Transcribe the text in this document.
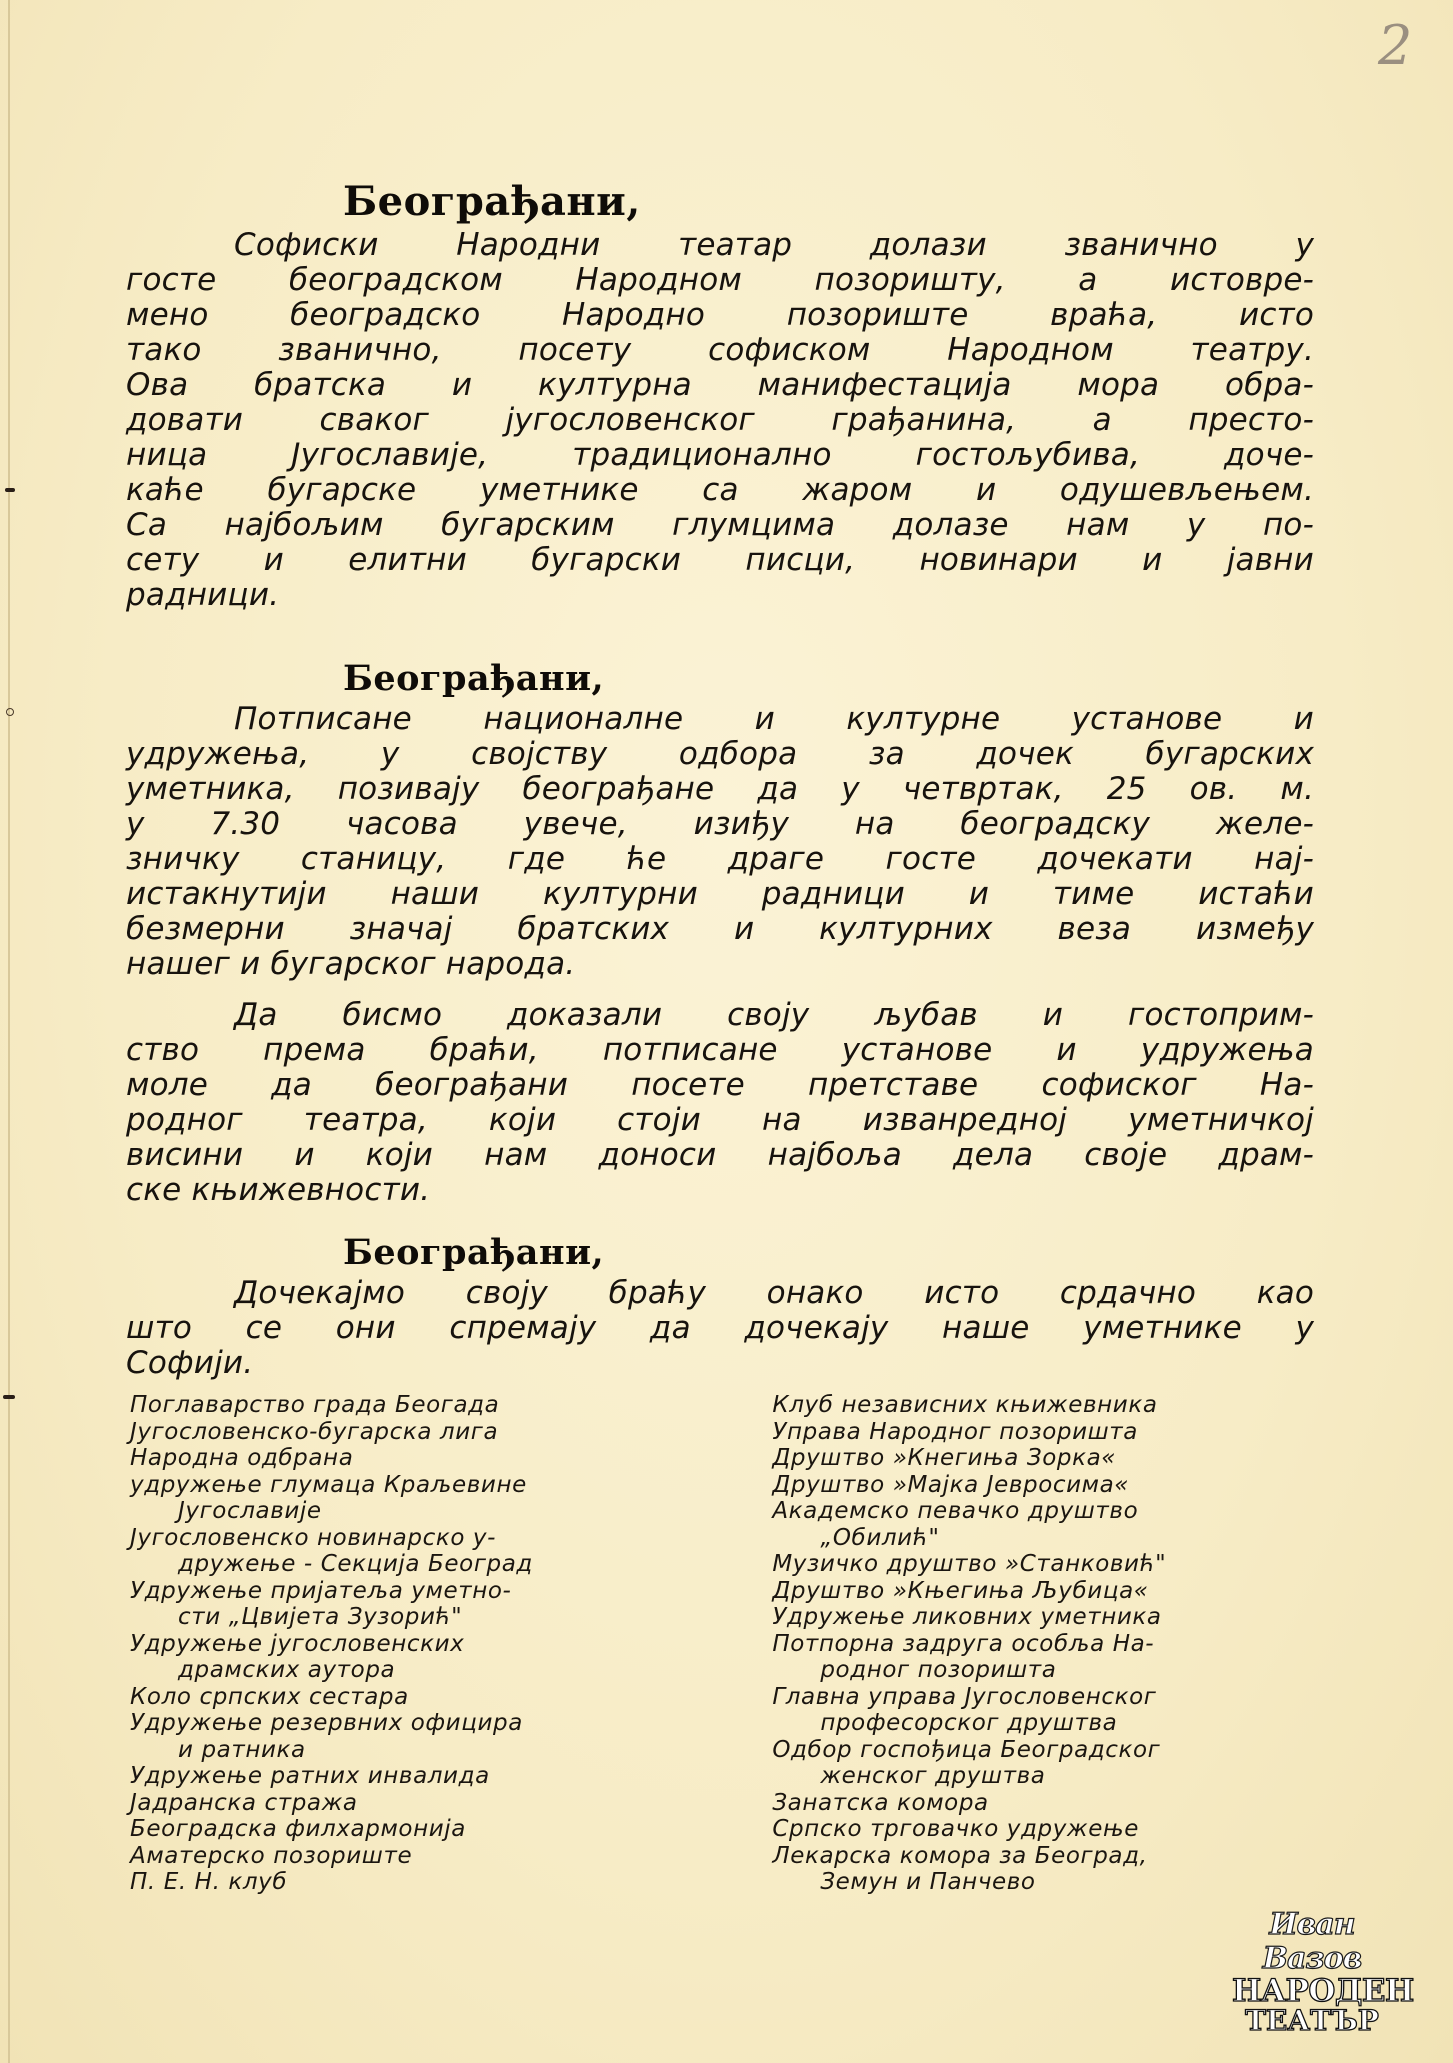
2
Београђани,
Софиски Народни театар долази званично у
госте београдском Народном позоришту, а истовре-
мено београдско Народно позориште враћа, исто
тако званично, посету софиском Народном театру.
Ова братска и културна манифестација мора обра-
довати сваког југословенског грађанина, а престо-
ница Југославије, традиционално гостољубива, доче-
каће бугарске уметнике са жаром и одушевљењем.
Са најбољим бугарским глумцима долазе нам у по-
сету и елитни бугарски писци, новинари и јавни
радници.
Београђани,
Потписане националне и културне установе и
удружења, у својству одбора за дочек бугарских
уметника, позивају београђане да у четвртак, 25 ов. м.
у 7.30 часова увече, изиђу на београдску желе-
зничку станицу, где ће драге госте дочекати нај-
истакнутији наши културни радници и тиме истаћи
безмерни значај братских и културних веза између
нашег и бугарског народа.
Да бисмо доказали своју љубав и гостоприм-
ство према браћи, потписане установе и удружења
моле да београђани посете претставе софиског На-
родног театра, који стоји на изванредној уметничкој
висини и који нам доноси најбоља дела своје драм-
ске књижевности.
Београђани,
Дочекајмо своју браћу онако исто срдачно као
што се они спремају да дочекају наше уметнике у
Софији.
Поглаварство града Беогада
Југословенско-бугарска лига
Народна одбрана
удружење глумаца Краљевине
Југославије
Југословенско новинарско у-
дружење - Секција Београд
Удружење пријатеља уметно-
сти „Цвијета Зузорић"
Удружење југословенских
драмских аутора
Коло српских сестара
Удружење резервних официра
и ратника
Удружење ратних инвалида
Јадранска стража
Београдска филхармонија
Аматерско позориште
П. Е. Н. клуб
Клуб независних књижевника
Управа Народног позоришта
Друштво »Кнегиња Зорка«
Друштво »Мајка Јевросима«
Академско певачко друштво
„Обилић"
Музичко друштво »Станковић"
Друштво »Књегиња Љубица«
Удружење ликовних уметника
Потпорна задруга особља На-
родног позоришта
Главна управа Југословенског
професорског друштва
Одбор госпођица Београдског
женског друштва
Занатска комора
Српско трговачко удружење
Лекарска комора за Београд,
Земун и Панчево
Иван Вазов
НАРОДЕН
ТЕАТЪР
